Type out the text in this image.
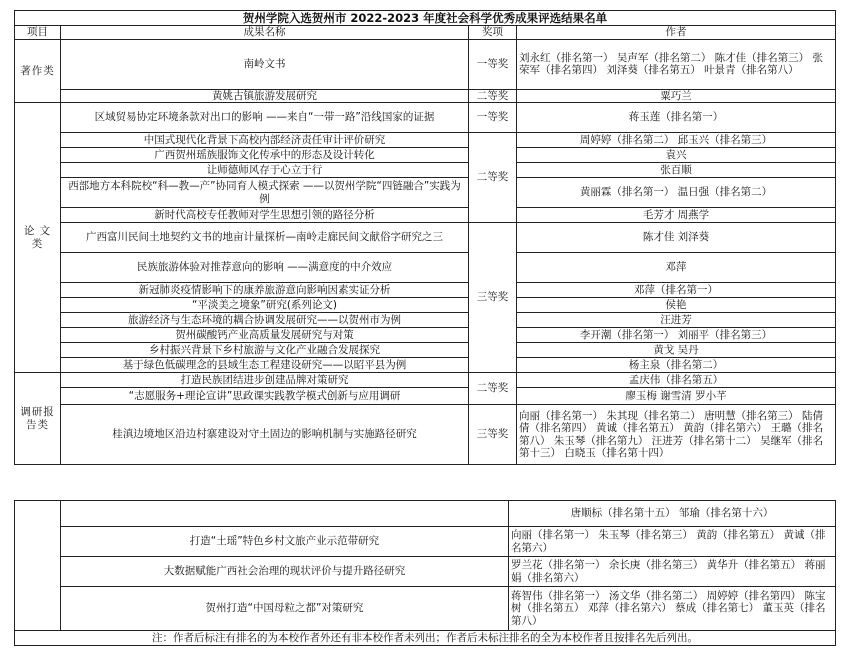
贺州学院入选贺州市 2022-2023 年度社会科学优秀成果评选结果名单			
项目	成果名称	奖项	作者
著作类	南岭文书	一等奖	刘永红（排名第一） 吴声军（排名第二） 陈才佳（排名第三） 张荣军（排名第四） 刘泽葵（排名第五） 叶景青（排名第八）
	黄姚古镇旅游发展研究	二等奖	粟巧兰
论 文 类	区域贸易协定环境条款对出口的影响 ——来自“一带一路”沿线国家的证据	一等奖	蒋玉莲（排名第一）
	中国式现代化背景下高校内部经济责任审计评价研究	二等奖	周婷婷（排名第二） 邱玉兴（排名第三）
	广西贺州瑶族服饰文化传承中的形态及设计转化		袁兴
	让师德师风存于心立于行		张百顺
	西部地方本科院校“科—教—产”协同育人模式探索 ——以贺州学院“四链融合”实践为例		黄丽霖（排名第一） 温日强（排名第二）
	新时代高校专任教师对学生思想引领的路径分析		毛芳才 周燕学
	广西富川民间土地契约文书的地亩计量探析—南岭走廊民间文献俗字研究之三	三等奖	陈才佳 刘泽葵
	民族旅游体验对推荐意向的影响 ——满意度的中介效应		邓萍
	新冠肺炎疫情影响下的康养旅游意向影响因素实证分析		邓萍（排名第一）
	“平淡美之境象”研究(系列论文)		侯艳
	旅游经济与生态环境的耦合协调发展研究——以贺州市为例		汪进芳
	贺州碳酸钙产业高质量发展研究与对策		李开潮（排名第一） 刘丽平（排名第三）
	乡村振兴背景下乡村旅游与文化产业融合发展探究		黄戈 吴丹
	基于绿色低碳理念的县域生态工程建设研究——以昭平县为例		杨主泉（排名第二）
调研报告类	打造民族团结进步创建品牌对策研究	二等奖	孟庆伟（排名第五）
	“志愿服务+理论宣讲”思政课实践教学模式创新与应用调研		廖玉梅 谢雪清 罗小芊
	桂滇边境地区沿边村寨建设对守土固边的影响机制与实施路径研究	三等奖	向丽（排名第一） 朱其现（排名第二） 唐明慧（排名第三） 陆倩倩（排名第四） 黄诚（排名第五） 黄韵（排名第六） 王璐（排名第八） 朱玉琴（排名第九） 汪进芳（排名第十二） 吴继军（排名第十三） 白晓玉（排名第十四）
		唐顺标（排名第十五） 邹瑜（排名第十六）
	打造“土瑶”特色乡村文旅产业示范带研究	向丽（排名第一） 朱玉琴（排名第三） 黄韵（排名第五） 黄诚（排名第六）
	大数据赋能广西社会治理的现状评价与提升路径研究	罗兰花（排名第一） 余长庚（排名第三） 黄华升（排名第五） 蒋丽娟（排名第六）
	贺州打造“中国母粒之都”对策研究	蒋智伟（排名第一） 汤文华（排名第二） 周婷婷（排名第四） 陈宝树（排名第五） 邓萍（排名第六） 蔡成（排名第七） 董玉英（排名第八）
注：作者后标注有排名的为本校作者外还有非本校作者未列出；作者后未标注排名的全为本校作者且按排名先后列出。		
